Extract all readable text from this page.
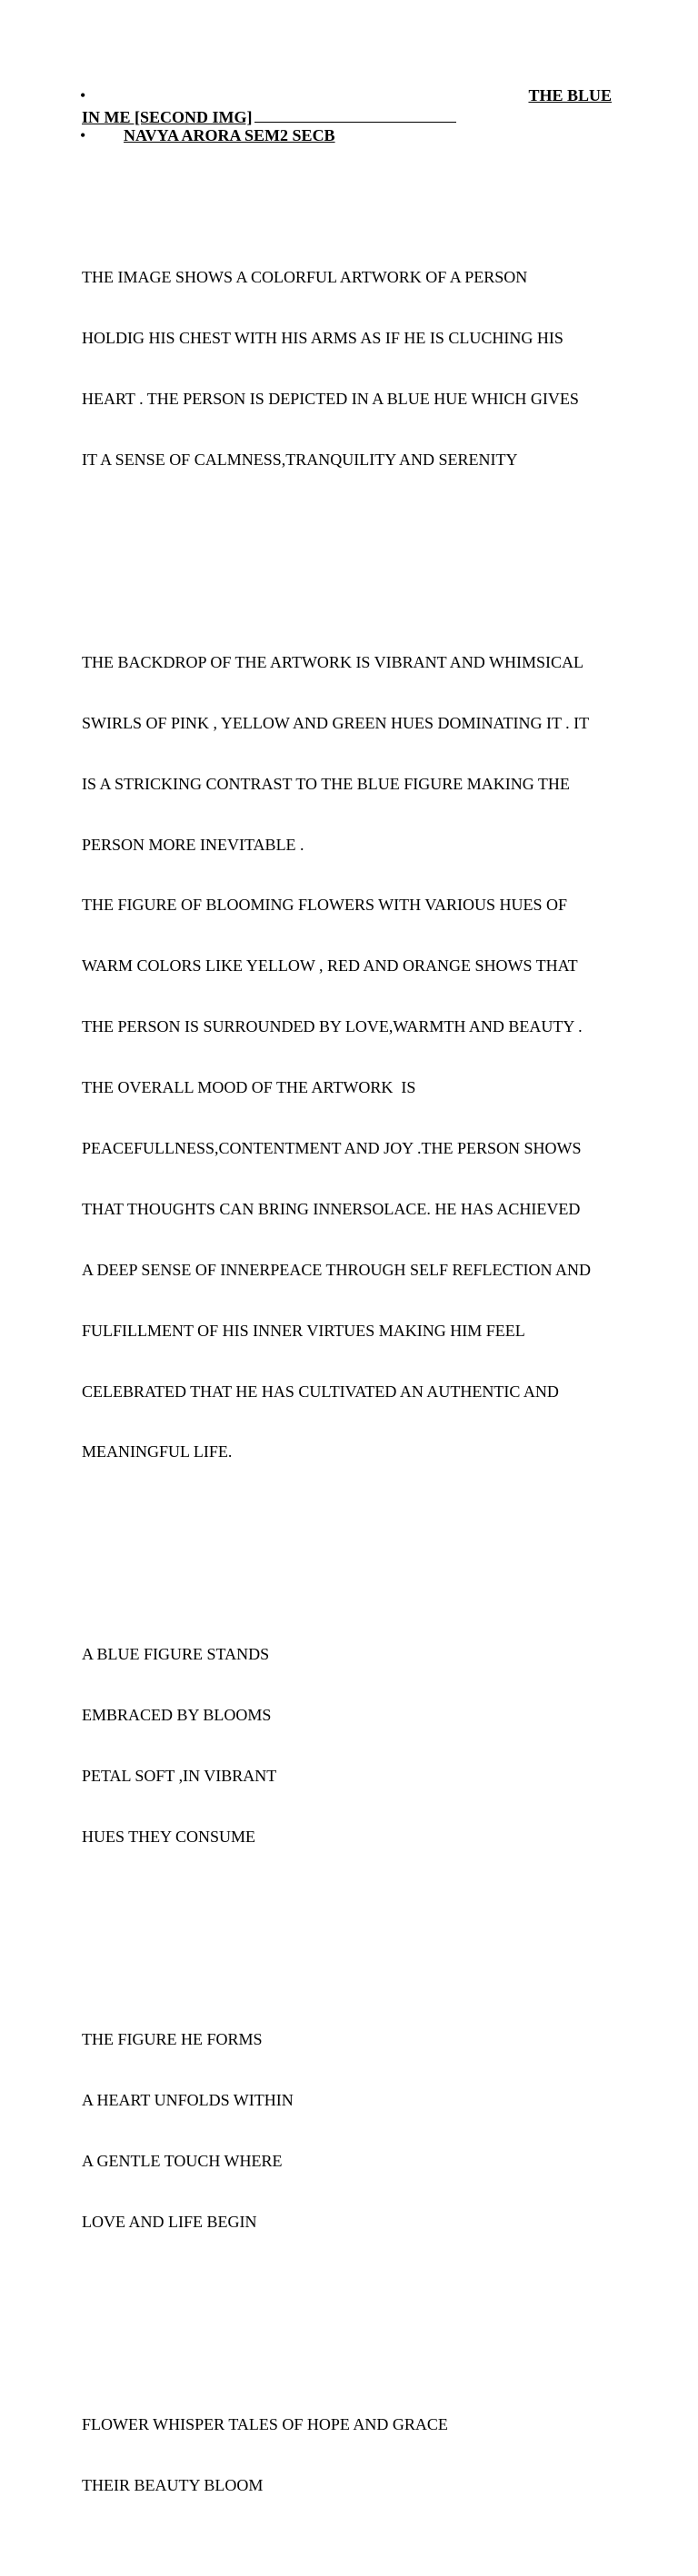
•	THE BLUE
IN ME [SECOND IMG]
• NAVYA ARORA SEM2 SECB

THE IMAGE SHOWS A COLORFUL ARTWORK OF A PERSON

HOLDIG HIS CHEST WITH HIS ARMS AS IF HE IS CLUCHING HIS

HEART . THE PERSON IS DEPICTED IN A BLUE HUE WHICH GIVES

IT A SENSE OF CALMNESS,TRANQUILITY AND SERENITY

THE BACKDROP OF THE ARTWORK IS VIBRANT AND WHIMSICAL

SWIRLS OF PINK , YELLOW AND GREEN HUES DOMINATING IT . IT

IS A STRICKING CONTRAST TO THE BLUE FIGURE MAKING THE

PERSON MORE INEVITABLE .

THE FIGURE OF BLOOMING FLOWERS WITH VARIOUS HUES OF

WARM COLORS LIKE YELLOW , RED AND ORANGE SHOWS THAT

THE PERSON IS SURROUNDED BY LOVE,WARMTH AND BEAUTY .

THE OVERALL MOOD OF THE ARTWORK  IS

PEACEFULLNESS,CONTENTMENT AND JOY .THE PERSON SHOWS

THAT THOUGHTS CAN BRING INNERSOLACE. HE HAS ACHIEVED

A DEEP SENSE OF INNERPEACE THROUGH SELF REFLECTION AND

FULFILLMENT OF HIS INNER VIRTUES MAKING HIM FEEL

CELEBRATED THAT HE HAS CULTIVATED AN AUTHENTIC AND

MEANINGFUL LIFE.

A BLUE FIGURE STANDS

EMBRACED BY BLOOMS

PETAL SOFT ,IN VIBRANT

HUES THEY CONSUME

THE FIGURE HE FORMS

A HEART UNFOLDS WITHIN

A GENTLE TOUCH WHERE

LOVE AND LIFE BEGIN

FLOWER WHISPER TALES OF HOPE AND GRACE

THEIR BEAUTY BLOOM
